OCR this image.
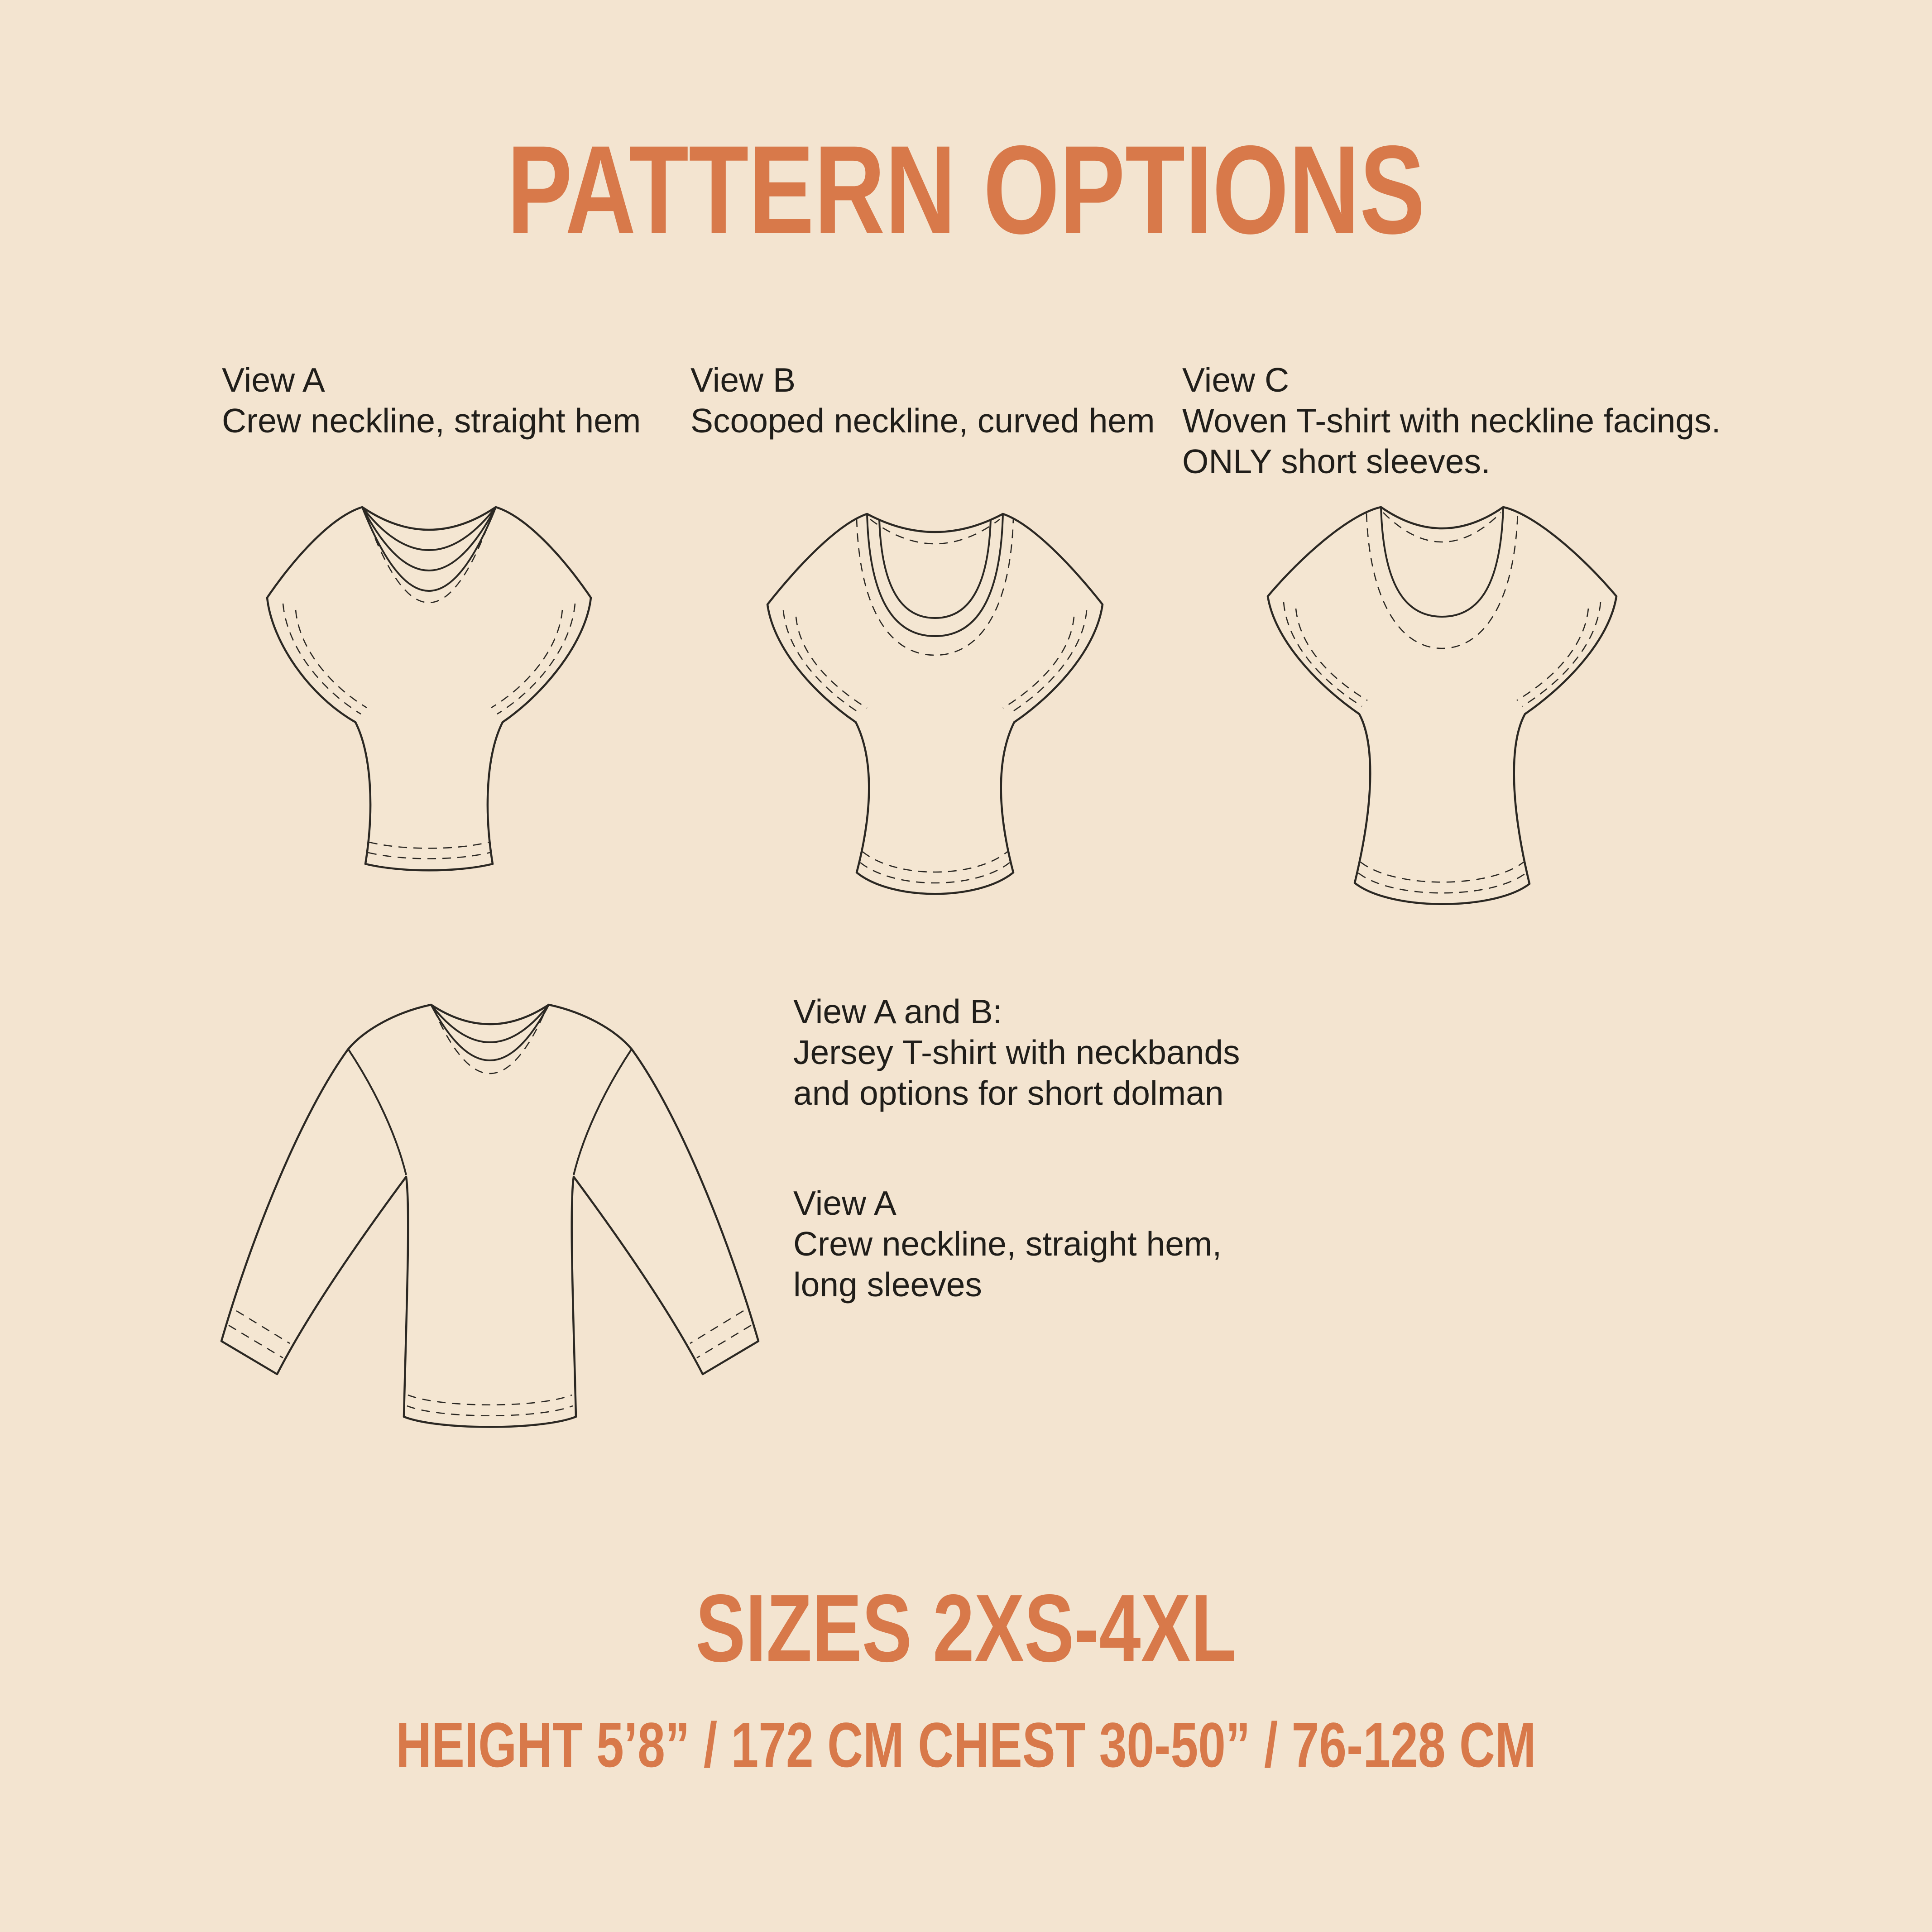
PATTERN OPTIONS
View A
Crew neckline, straight hem
View B
Scooped neckline, curved hem
View C
Woven T-shirt with neckline facings.
ONLY short sleeves.
View A and B:
Jersey T-shirt with neckbands
and options for short dolman
View A
Crew neckline, straight hem,
long sleeves
SIZES 2XS-4XL
HEIGHT 5’8” / 172 CM CHEST 30-50” / 76-128 CM
